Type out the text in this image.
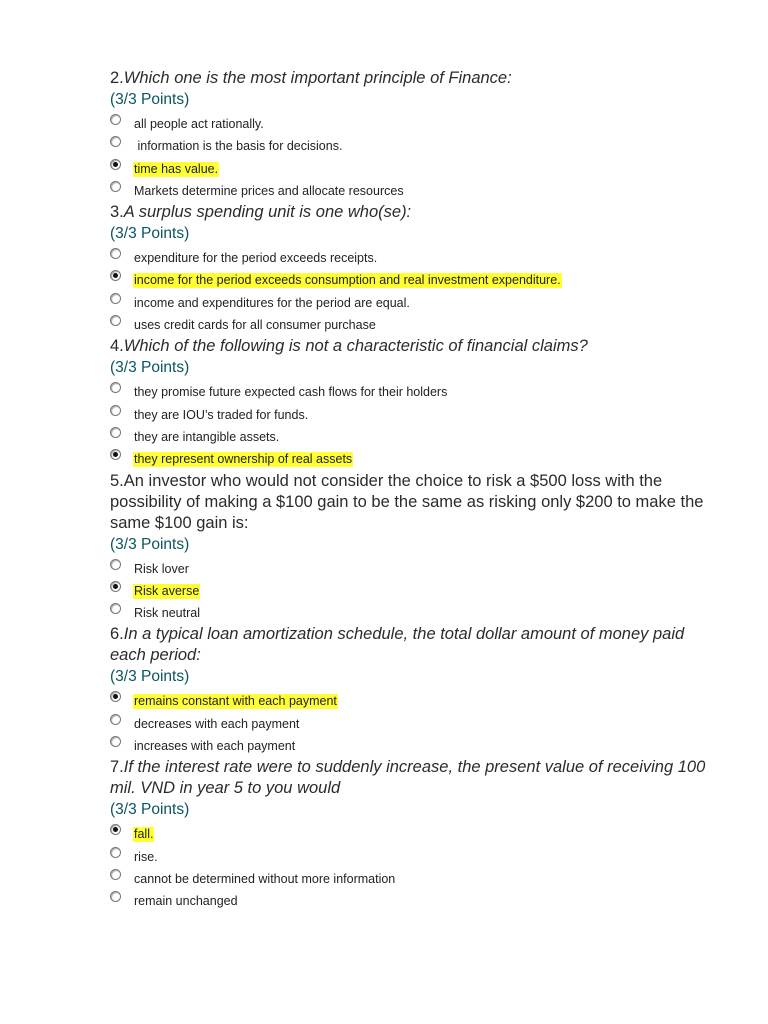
2.Which one is the most important principle of Finance:

(3/3 Points)
all people act rationally.
information is the basis for decisions.
time has value.
Markets determine prices and allocate resources

3.A surplus spending unit is one who(se):

(3/3 Points)
expenditure for the period exceeds receipts.
income for the period exceeds consumption and real investment expenditure.
income and expenditures for the period are equal.
uses credit cards for all consumer purchase

4.Which of the following is not a characteristic of financial claims?

(3/3 Points)
they promise future expected cash flows for their holders
they are IOU’s traded for funds.
they are intangible assets.
they represent ownership of real assets

5.An investor who would not consider the choice to risk a $500 loss with the possibility of making a $100 gain to be the same as risking only $200 to make the same $100 gain is:

(3/3 Points)
Risk lover
Risk averse
Risk neutral

6.In a typical loan amortization schedule, the total dollar amount of money paid each period:

(3/3 Points)
remains constant with each payment
decreases with each payment
increases with each payment

7.If the interest rate were to suddenly increase, the present value of receiving 100 mil. VND in year 5 to you would

(3/3 Points)
fall.
rise.
cannot be determined without more information
remain unchanged
